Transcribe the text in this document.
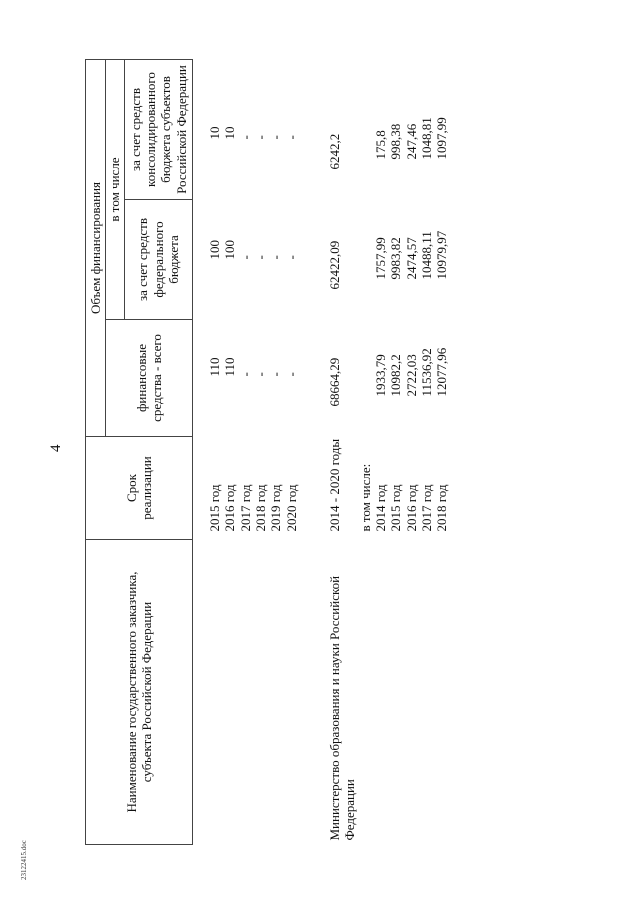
4
23122415.doc
Наименование государственного заказчика, субъекта Российской Федерации	Срок реализации	Объем финансирования		
		финансовые средства - всего	в том числе	
			за счет средств федерального бюджета	за счет средств консолидированного бюджета субъектов Российской Федерации
	2015 год	110	100	10
	2016 год	110	100	10
	2017 год	-	-	-
	2018 год	-	-	-
	2019 год	-	-	-
	2020 год	-	-	-

Министерство образования и науки Российской Федерации	2014 - 2020 годы	68664,29	62422,09	6242,2
	в том числе:			
	2014 год	1933,79	1757,99	175,8
	2015 год	10982,2	9983,82	998,38
	2016 год	2722,03	2474,57	247,46
	2017 год	11536,92	10488,11	1048,81
	2018 год	12077,96	10979,97	1097,99
